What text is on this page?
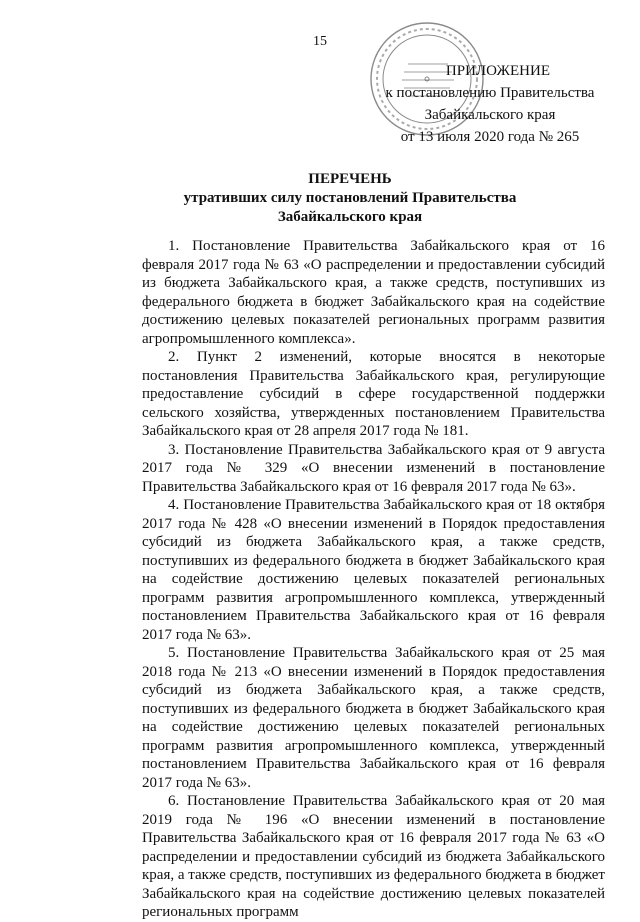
15
ПРИЛОЖЕНИЕ
к постановлению Правительства
Забайкальского края
от 13 июля 2020 года № 265
ПЕРЕЧЕНЬ
утративших силу постановлений Правительства
Забайкальского края

1. Постановление Правительства Забайкальского края от 16 февраля 2017 года № 63 «О распределении и предоставлении субсидий из бюджета Забайкальского края, а также средств, поступивших из федерального бюджета в бюджет Забайкальского края на содействие достижению целевых показателей региональных программ развития агропромышленного комплекса».

2. Пункт 2 изменений, которые вносятся в некоторые постановления Правительства Забайкальского края, регулирующие предоставление субсидий в сфере государственной поддержки сельского хозяйства, утвержденных постановлением Правительства Забайкальского края от 28 апреля 2017 года № 181.

3. Постановление Правительства Забайкальского края от 9 августа 2017 года № 329 «О внесении изменений в постановление Правительства Забайкальского края от 16 февраля 2017 года № 63».

4. Постановление Правительства Забайкальского края от 18 октября 2017 года № 428 «О внесении изменений в Порядок предоставления субсидий из бюджета Забайкальского края, а также средств, поступивших из федерального бюджета в бюджет Забайкальского края на содействие достижению целевых показателей региональных программ развития агропромышленного комплекса, утвержденный постановлением Правительства Забайкальского края от 16 февраля 2017 года № 63».

5. Постановление Правительства Забайкальского края от 25 мая 2018 года № 213 «О внесении изменений в Порядок предоставления субсидий из бюджета Забайкальского края, а также средств, поступивших из федерального бюджета в бюджет Забайкальского края на содействие достижению целевых показателей региональных программ развития агропромышленного комплекса, утвержденный постановлением Правительства Забайкальского края от 16 февраля 2017 года № 63».

6. Постановление Правительства Забайкальского края от 20 мая 2019 года № 196 «О внесении изменений в постановление Правительства Забайкальского края от 16 февраля 2017 года № 63 «О распределении и предоставлении субсидий из бюджета Забайкальского края, а также средств, поступивших из федерального бюджета в бюджет Забайкальского края на содействие достижению целевых показателей региональных программ
